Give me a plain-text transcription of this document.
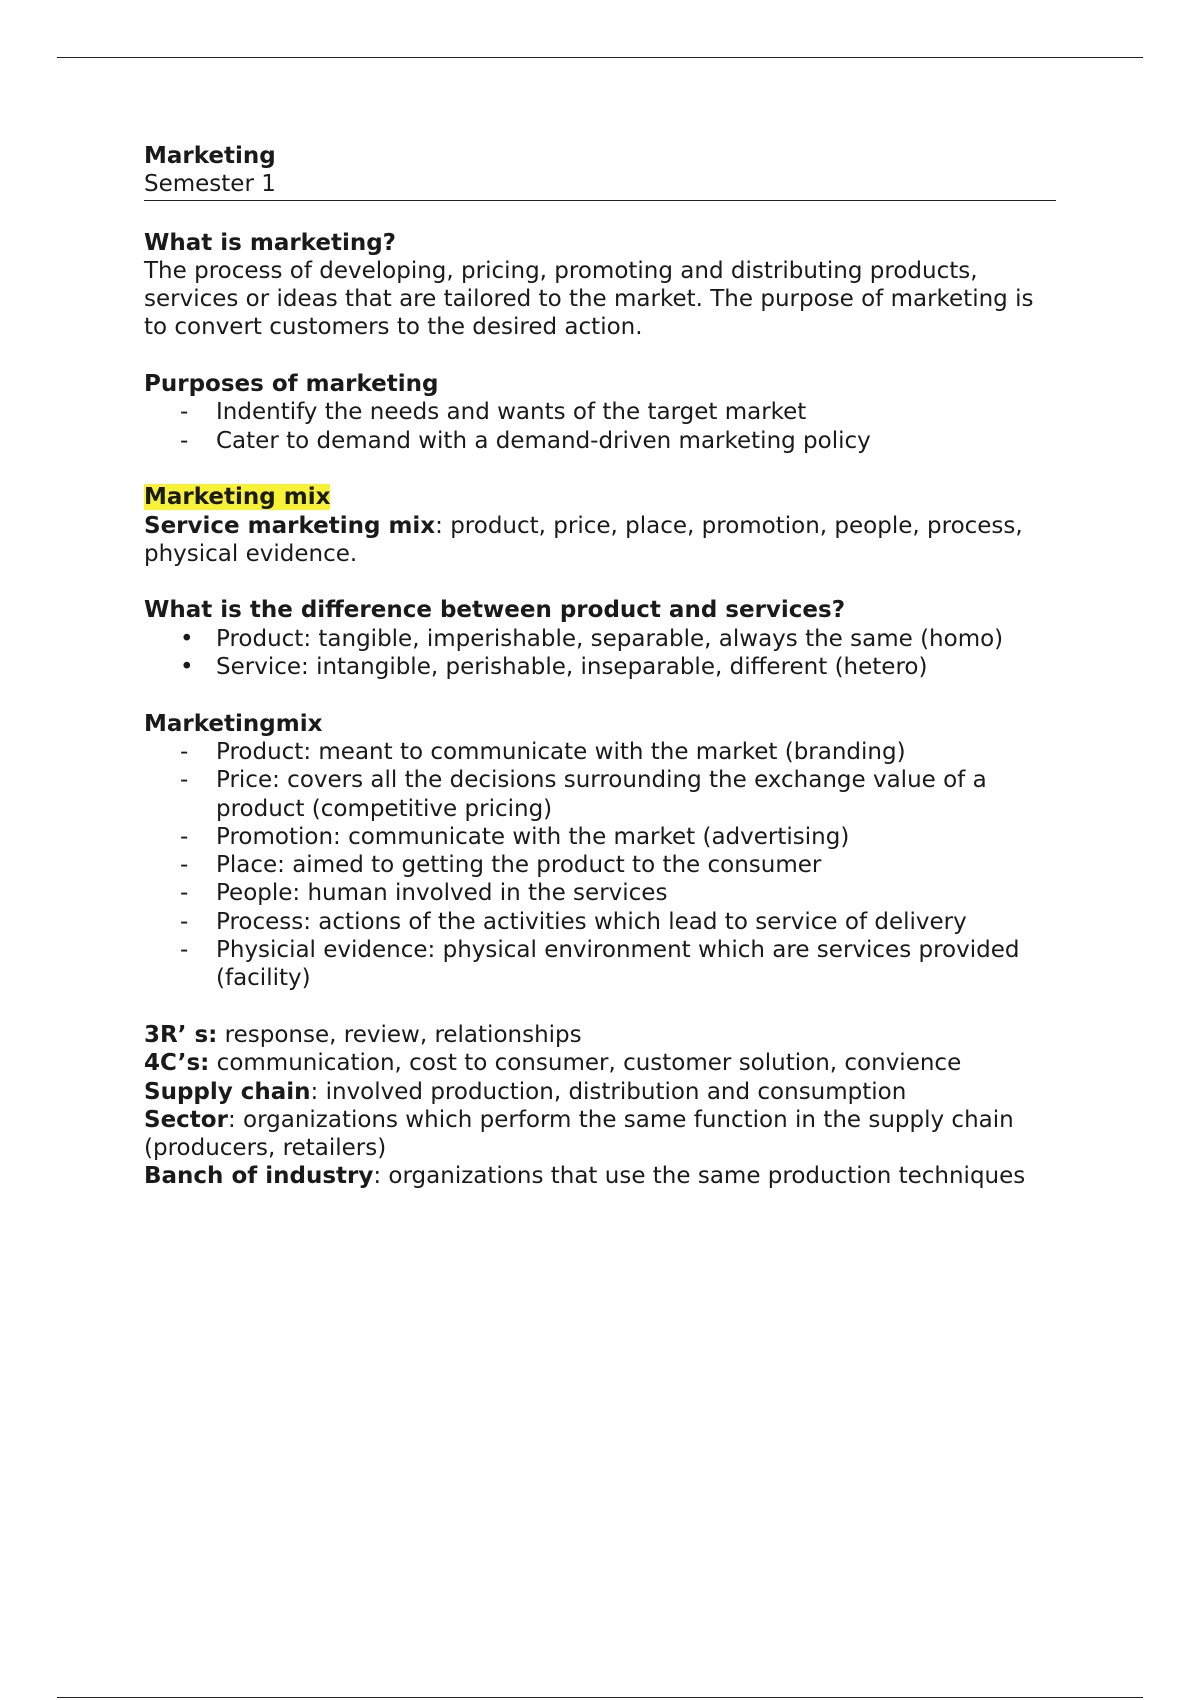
Marketing

Semester 1

What is marketing?

The process of developing, pricing, promoting and distributing products, services or ideas that are tailored to the market. The purpose of marketing is to convert customers to the desired action.

Purposes of marketing

- Indentify the needs and wants of the target market
- Cater to demand with a demand-driven marketing policy

Marketing mix

Service marketing mix: product, price, place, promotion, people, process, physical evidence.

What is the difference between product and services?

• Product: tangible, imperishable, separable, always the same (homo)
• Service: intangible, perishable, inseparable, different (hetero)

Marketingmix

- Product: meant to communicate with the market (branding)
- Price: covers all the decisions surrounding the exchange value of a product (competitive pricing)
- Promotion: communicate with the market (advertising)
- Place: aimed to getting the product to the consumer
- People: human involved in the services
- Process: actions of the activities which lead to service of delivery
- Physicial evidence: physical environment which are services provided (facility)

3R’ s: response, review, relationships

4C’s: communication, cost to consumer, customer solution, convience

Supply chain: involved production, distribution and consumption

Sector: organizations which perform the same function in the supply chain (producers, retailers)

Banch of industry: organizations that use the same production techniques
